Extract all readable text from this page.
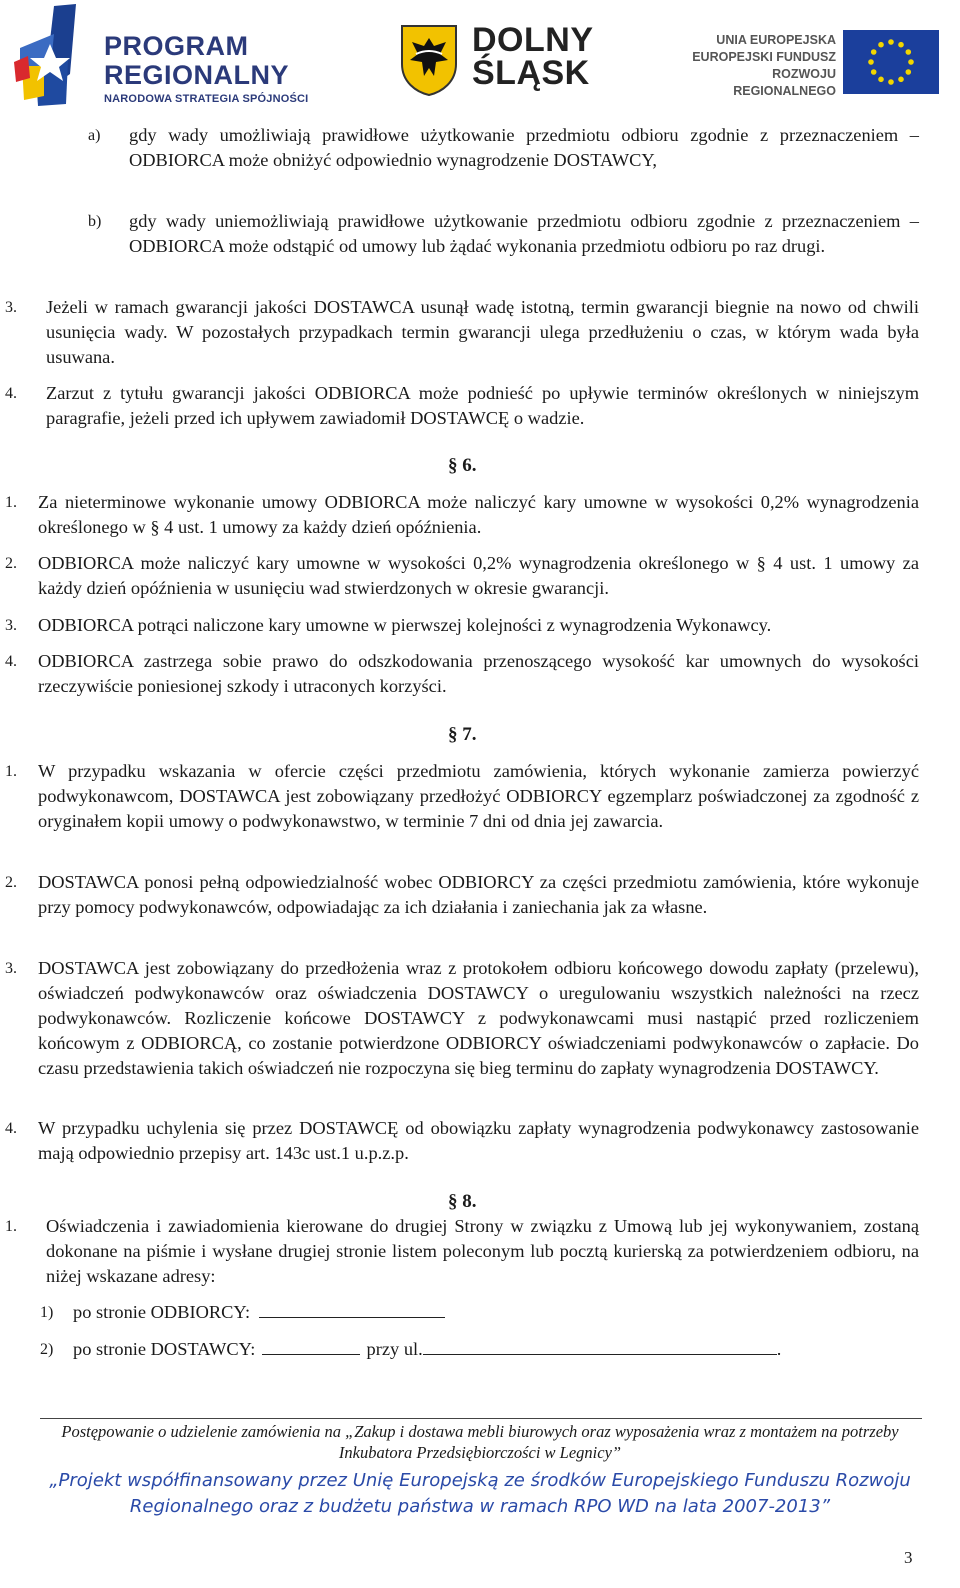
PROGRAM
REGIONALNY
NARODOWA STRATEGIA SPÓJNOŚCI
DOLNY
ŚLĄSK
UNIA EUROPEJSKA
EUROPEJSKI FUNDUSZ
ROZWOJU REGIONALNEGO
a) gdy wady umożliwiają prawidłowe użytkowanie przedmiotu odbioru zgodnie z przeznaczeniem – ODBIORCA może obniżyć odpowiednio wynagrodzenie DOSTAWCY,
b) gdy wady uniemożliwiają prawidłowe użytkowanie przedmiotu odbioru zgodnie z przeznaczeniem – ODBIORCA może odstąpić od umowy lub żądać wykonania przedmiotu odbioru po raz drugi.
3. Jeżeli w ramach gwarancji jakości DOSTAWCA usunął wadę istotną, termin gwarancji biegnie na nowo od chwili usunięcia wady. W pozostałych przypadkach termin gwarancji ulega przedłużeniu o czas, w którym wada była usuwana.
4. Zarzut z tytułu gwarancji jakości ODBIORCA może podnieść po upływie terminów określonych w niniejszym paragrafie, jeżeli przed ich upływem zawiadomił DOSTAWCĘ o wadzie.
§ 6.
1. Za nieterminowe wykonanie umowy ODBIORCA może naliczyć kary umowne w wysokości 0,2% wynagrodzenia określonego w § 4 ust. 1 umowy za każdy dzień opóźnienia.
2. ODBIORCA może naliczyć kary umowne w wysokości 0,2% wynagrodzenia określonego w § 4 ust. 1 umowy za każdy dzień opóźnienia w usunięciu wad stwierdzonych w okresie gwarancji.
3. ODBIORCA potrąci naliczone kary umowne w pierwszej kolejności z wynagrodzenia Wykonawcy.
4. ODBIORCA zastrzega sobie prawo do odszkodowania przenoszącego wysokość kar umownych do wysokości rzeczywiście poniesionej szkody i utraconych korzyści.
§ 7.
1. W przypadku wskazania w ofercie części przedmiotu zamówienia, których wykonanie zamierza powierzyć podwykonawcom, DOSTAWCA jest zobowiązany przedłożyć ODBIORCY egzemplarz poświadczonej za zgodność z oryginałem kopii umowy o podwykonawstwo, w terminie 7 dni od dnia jej zawarcia.
2. DOSTAWCA ponosi pełną odpowiedzialność wobec ODBIORCY za części przedmiotu zamówienia, które wykonuje przy pomocy podwykonawców, odpowiadając za ich działania i zaniechania jak za własne.
3. DOSTAWCA jest zobowiązany do przedłożenia wraz z protokołem odbioru końcowego dowodu zapłaty (przelewu), oświadczeń podwykonawców oraz oświadczenia DOSTAWCY o uregulowaniu wszystkich należności na rzecz podwykonawców. Rozliczenie końcowe DOSTAWCY z podwykonawcami musi nastąpić przed rozliczeniem końcowym z ODBIORCĄ, co zostanie potwierdzone ODBIORCY oświadczeniami podwykonawców o zapłacie. Do czasu przedstawienia takich oświadczeń nie rozpoczyna się bieg terminu do zapłaty wynagrodzenia DOSTAWCY.
4. W przypadku uchylenia się przez DOSTAWCĘ od obowiązku zapłaty wynagrodzenia podwykonawcy zastosowanie mają odpowiednio przepisy art. 143c ust.1 u.p.z.p.
§ 8.
1. Oświadczenia i zawiadomienia kierowane do drugiej Strony w związku z Umową lub jej wykonywaniem, zostaną dokonane na piśmie i wysłane drugiej stronie listem poleconym lub pocztą kurierską za potwierdzeniem odbioru, na niżej wskazane adresy:
1) po stronie ODBIORCY:
2) po stronie DOSTAWCY:	przy ul.	.
Postępowanie o udzielenie zamówienia na „Zakup i dostawa mebli biurowych oraz wyposażenia wraz z montażem na potrzeby
Inkubatora Przedsiębiorczości w Legnicy”
„Projekt współfinansowany przez Unię Europejską ze środków Europejskiego Funduszu Rozwoju
Regionalnego oraz z budżetu państwa w ramach RPO WD na lata 2007-2013”
3
